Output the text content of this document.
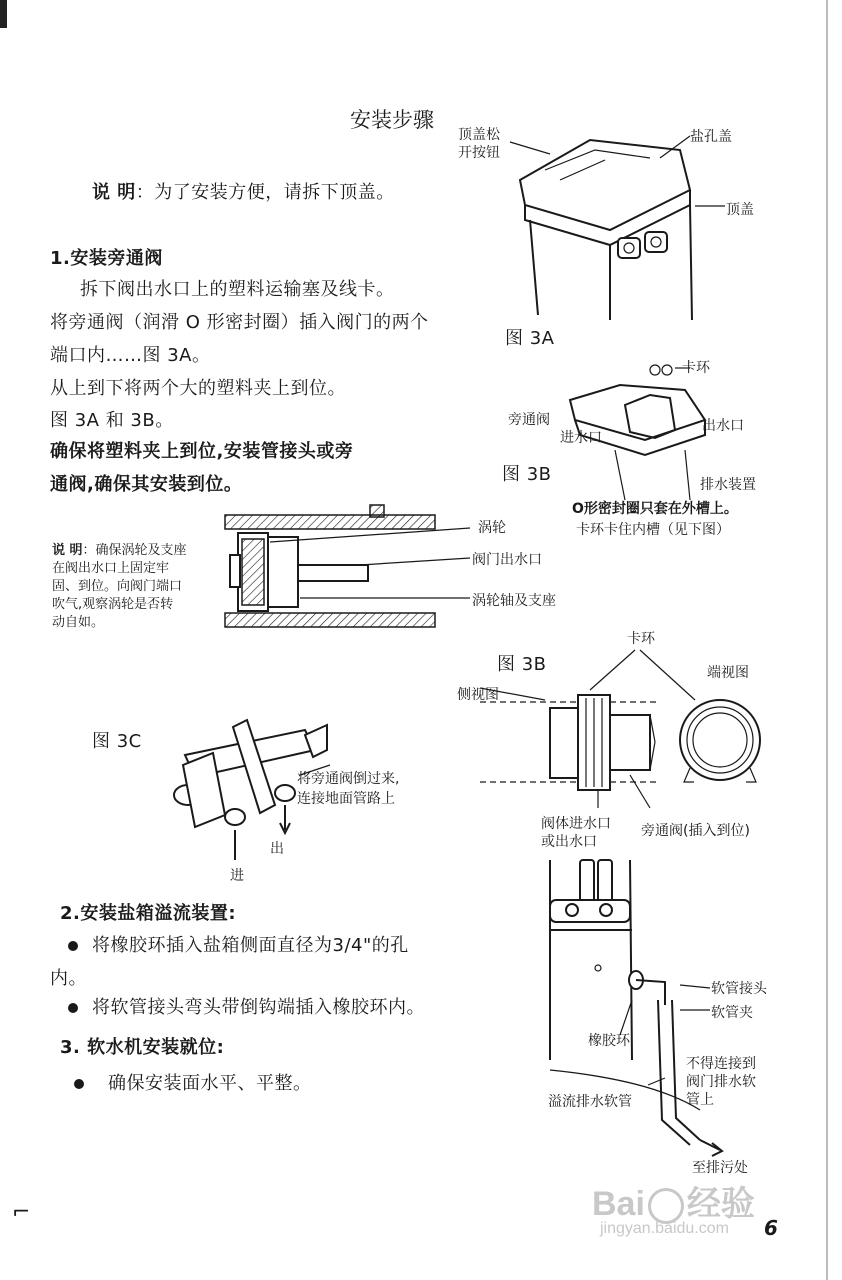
安装步骤
说 明：为了安装方便，请拆下顶盖。
1.安装旁通阀
拆下阀出水口上的塑料运输塞及线卡。
将旁通阀（润滑 O 形密封圈）插入阀门的两个
端口内……图 3A。
从上到下将两个大的塑料夹上到位。
图 3A 和 3B。
确保将塑料夹上到位,安装管接头或旁
通阀,确保其安装到位。
顶盖松
开按钮
盐孔盖
顶盖
图 3A
卡环
旁通阀	出水口
进水口
排水装置
图 3B
O形密封圈只套在外槽上。
卡环卡住内槽（见下图）
涡轮
阀门出水口
涡轮轴及支座
说 明：确保涡轮及支座
在阀出水口上固定牢
固、到位。向阀门端口
吹气,观察涡轮是否转
动自如。
图 3B
卡环
侧视图
端视图
阀体进水口
或出水口
旁通阀(插入到位)
图 3C
将旁通阀倒过来,
连接地面管路上
进
出
2.安装盐箱溢流装置:
将橡胶环插入盐箱侧面直径为3/4"的孔
内。
将软管接头弯头带倒钩端插入橡胶环内。
3. 软水机安装就位:
确保安装面水平、平整。
软管接头
软管夹
橡胶环
不得连接到
阀门排水软
管上
溢流排水软管
至排污处
Bai 经验
jingyan.baidu.com 6
⌐
